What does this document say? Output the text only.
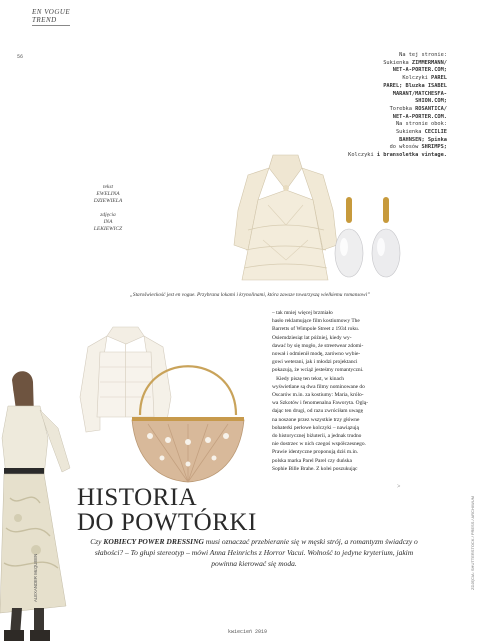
EN VOGUE
TREND
56	Na tej stronie:
Sukienka ZIMMERMANN/
NET-A-PORTER.COM;
Kolczyki PAREL
PAREL; Bluzka ISABEL
MARANT/MATCHESFA-
SHION.COM;
Torebka ROSANTICA/
NET-A-PORTER.COM.
Na stronie obok:
Sukienka CECILIE
BAHNSEN; Spinka
do włosów SHRIMPS;
Kolczyki i bransoletka vintage.
tekst
EWELINA
DZIEWIELA
zdjęcia
INA
LEKIEWICZ
„Starošwieckość jest en vogue. Przybrana lokami i krynolinami, która zawsze towarzyszą wielkiemu romansowi”
ALEXANDER McQUEEN
– tak mniej więcej brzmiało
hasło reklamujące film kostiumowy The
Barretts of Wimpole Street z 1934 roku.
Osiemdziesiąt lat później, kiedy wy-
dawać by się mogło, że streetwear zdomi-
nował i odmienił modę, zarówno wybie-
gowi weterani, jak i młodzi projektanci
pokazują, że wciąż jesteśmy romantyczni.
Kiedy piszę ten tekst, w kinach
wyświetlane są dwa filmy nominowane do
Oscarów m.in. za kostiumy: Maria, królo-
wa Szkotów i fenomenalna Faworyta. Oglą-
dając ten drugi, od razu zwróciłam uwagę
na noszone przez wszystkie trzy główne
bohaterki perłowe kolczyki – nawiązują
do historycznej biżuterii, a jednak trudno
nie dostrzec w nich czegoś współczesnego.
Prawie identyczne proponują dziś m.in.
polska marka Parel Parel czy duńska
Sophie Bille Brahe. Z kolei poszukując
>
HISTORIA
DO POWTÓRKI
Czy KOBIECY POWER DRESSING musi oznaczać przebieranie się w męski strój, a romantyzm świadczy o słabości? – To głupi stereotyp – mówi Anna Heinrichs z Horror Vacui. Wolność to jedyne kryterium, jakim powinna kierować się moda.
kwiecień 2019
ZDJĘCIA: SHUTTERSTOCK / PRESS / ARCHIWUM
